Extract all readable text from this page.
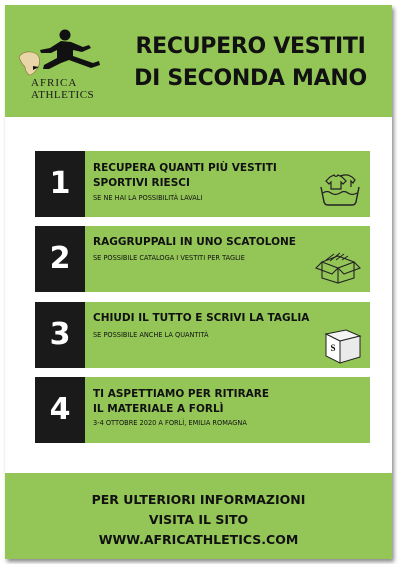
AFRICA
ATHLETICS
RECUPERO VESTITI
DI SECONDA MANO
1	RECUPERA QUANTI PIÙ VESTITI
SPORTIVI RIESCI
SE NE HAI LA POSSIBILITÀ LAVALI
2	RAGGRUPPALI IN UNO SCATOLONE
SE POSSIBILE CATALOGA I VESTITI PER TAGLIE
3	CHIUDI IL TUTTO E SCRIVI LA TAGLIA
SE POSSIBILE ANCHE LA QUANTITÀ
S
4	TI ASPETTIAMO PER RITIRARE
IL MATERIALE A FORLÌ
3-4 OTTOBRE 2020 A FORLÌ, EMILIA ROMAGNA
PER ULTERIORI INFORMAZIONI
VISITA IL SITO
WWW.AFRICATHLETICS.COM
